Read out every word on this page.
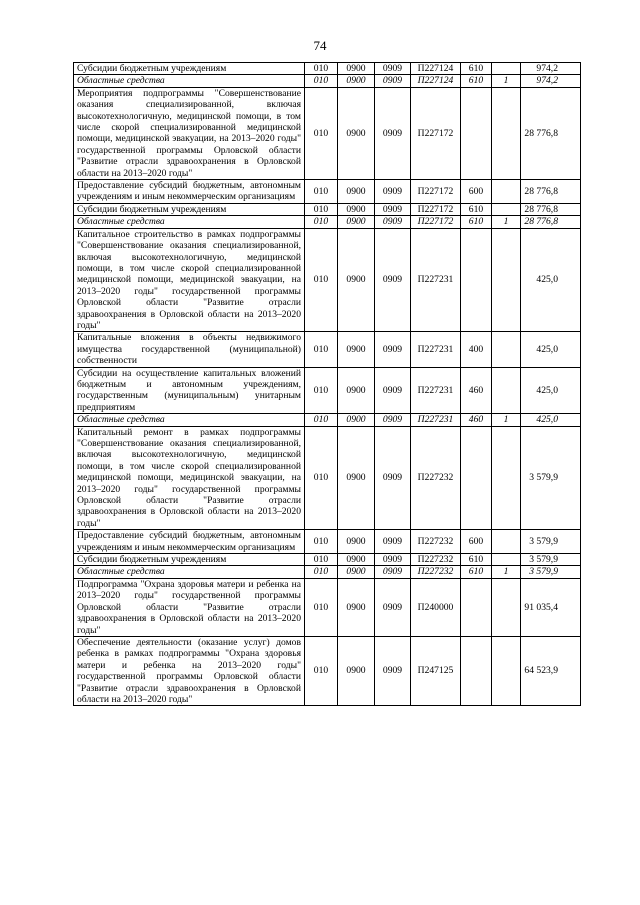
74
Субсидии бюджетным учреждениям	010	0900	0909	П227124	610		974,2
Областные средства	010	0900	0909	П227124	610	1	974,2
Мероприятия подпрограммы "Совершенствование оказания специализированной, включая высокотехнологичную, медицинской помощи, в том числе скорой специализированной медицинской помощи, медицинской эвакуации, на 2013–2020 годы" государственной программы Орловской области "Развитие отрасли здравоохранения в Орловской области на 2013–2020 годы"	010	0900	0909	П227172			28 776,8
Предоставление субсидий бюджетным, автономным учреждениям и иным некоммерческим организациям	010	0900	0909	П227172	600		28 776,8
Субсидии бюджетным учреждениям	010	0900	0909	П227172	610		28 776,8
Областные средства	010	0900	0909	П227172	610	1	28 776,8
Капитальное строительство в рамках подпрограммы "Совершенствование оказания специализированной, включая высокотехнологичную, медицинской помощи, в том числе скорой специализированной медицинской помощи, медицинской эвакуации, на 2013–2020 годы" государственной программы Орловской области "Развитие отрасли здравоохранения в Орловской области на 2013–2020 годы"	010	0900	0909	П227231			425,0
Капитальные вложения в объекты недвижимого имущества государственной (муниципальной) собственности	010	0900	0909	П227231	400		425,0
Субсидии на осуществление капитальных вложений бюджетным и автономным учреждениям, государственным (муниципальным) унитарным предприятиям	010	0900	0909	П227231	460		425,0
Областные средства	010	0900	0909	П227231	460	1	425,0
Капитальный ремонт в рамках подпрограммы "Совершенствование оказания специализированной, включая высокотехнологичную, медицинской помощи, в том числе скорой специализированной медицинской помощи, медицинской эвакуации, на 2013–2020 годы" государственной программы Орловской области "Развитие отрасли здравоохранения в Орловской области на 2013–2020 годы"	010	0900	0909	П227232			3 579,9
Предоставление субсидий бюджетным, автономным учреждениям и иным некоммерческим организациям	010	0900	0909	П227232	600		3 579,9
Субсидии бюджетным учреждениям	010	0900	0909	П227232	610		3 579,9
Областные средства	010	0900	0909	П227232	610	1	3 579,9
Подпрограмма "Охрана здоровья матери и ребенка на 2013–2020 годы" государственной программы Орловской области "Развитие отрасли здравоохранения в Орловской области на 2013–2020 годы"	010	0900	0909	П240000			91 035,4
Обеспечение деятельности (оказание услуг) домов ребенка в рамках подпрограммы "Охрана здоровья матери и ребенка на 2013–2020 годы" государственной программы Орловской области "Развитие отрасли здравоохранения в Орловской области на 2013–2020 годы"	010	0900	0909	П247125			64 523,9
